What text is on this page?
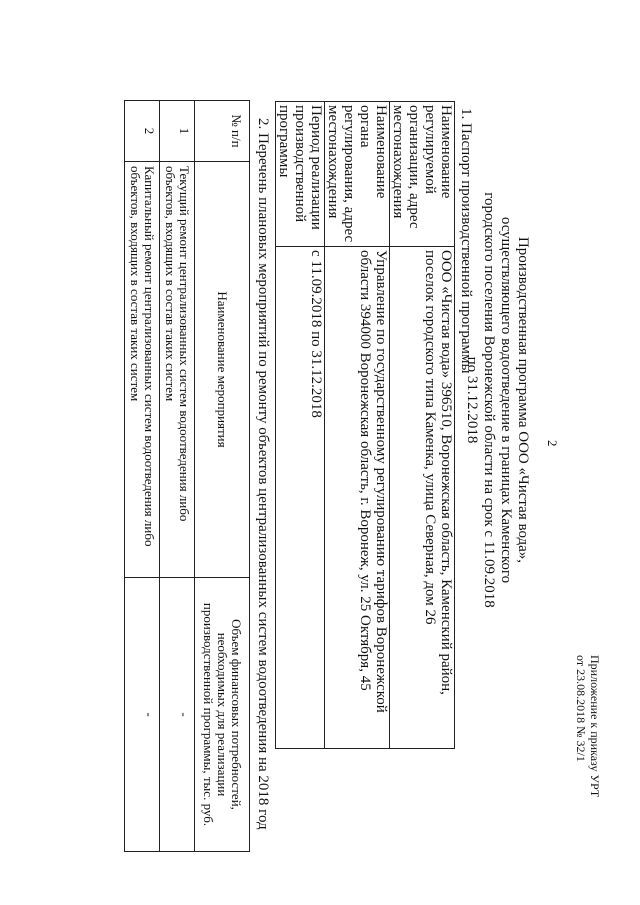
Приложение к приказу УРТ
от 23.08.2018 № 32/1
2
Производственная программа ООО «Чистая вода», осуществляющего водоотведение в границах Каменского городского поселения Воронежской области на срок с 11.09.2018 по 31.12.2018
1. Паспорт производственной программы
Наименование регулируемой организации, адрес местонахождения	ООО «Чистая вода» 396510, Воронежская область, Каменский район, поселок городского типа Каменка, улица Северная, дом 26
Наименование органа регулирования, адрес местонахождения	Управление по государственному регулированию тарифов Воронежской области 394000 Воронежская область, г. Воронеж, ул. 25 Октября, 45
Период реализации производственной программы	с 11.09.2018 по 31.12.2018
2. Перечень плановых мероприятий по ремонту объектов централизованных систем водоотведения на 2018 год
№ п/п	Наименование мероприятия	Объем финансовых потребностей, необходимых для реализации производственной программы, тыс. руб.
1	Текущий ремонт централизованных систем водоотведения либо объектов, входящих в состав таких систем	-
2	Капитальный ремонт централизованных систем водоотведения либо объектов, входящих в состав таких систем	-
